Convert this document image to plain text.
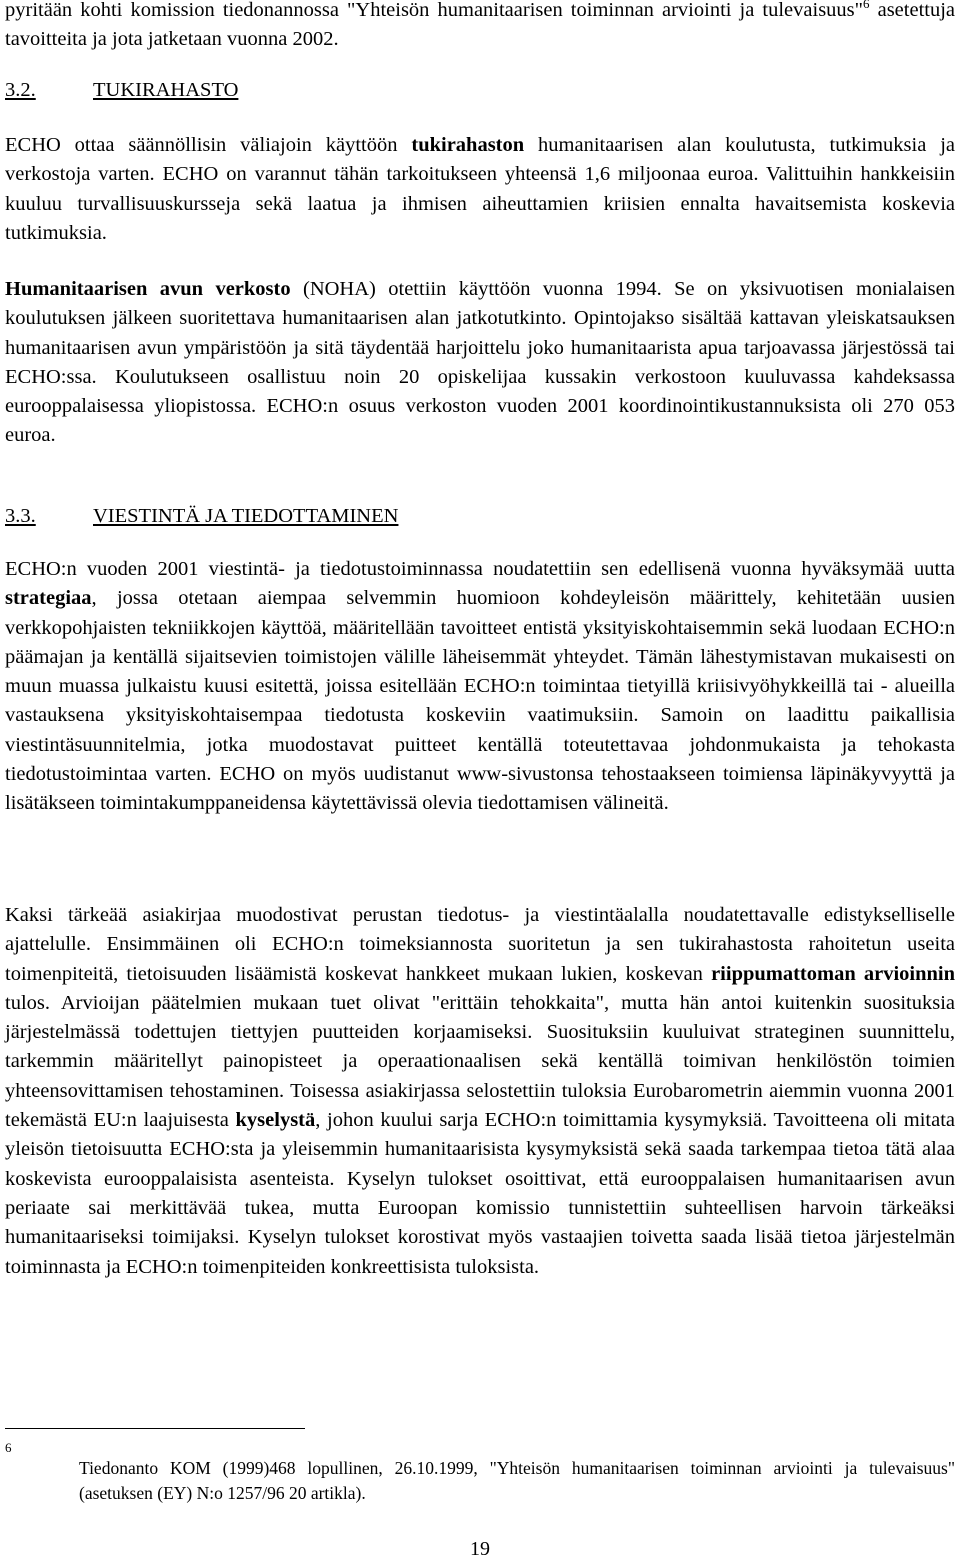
pyritään kohti komission tiedonannossa "Yhteisön humanitaarisen toiminnan arviointi ja tulevaisuus"$^6$ asetettuja tavoitteita ja jota jatketaan vuonna 2002.

3.2.	TUKIRAHASTO

ECHO ottaa säännöllisin väliajoin käyttöön tukirahaston humanitaarisen alan koulutusta, tutkimuksia ja verkostoja varten. ECHO on varannut tähän tarkoitukseen yhteensä 1,6 miljoonaa euroa. Valittuihin hankkeisiin kuuluu turvallisuuskursseja sekä laatua ja ihmisen aiheuttamien kriisien ennalta havaitsemista koskevia tutkimuksia.

Humanitaarisen avun verkosto (NOHA) otettiin käyttöön vuonna 1994. Se on yksivuotisen monialaisen koulutuksen jälkeen suoritettava humanitaarisen alan jatkotutkinto. Opintojakso sisältää kattavan yleiskatsauksen humanitaarisen avun ympäristöön ja sitä täydentää harjoittelu joko humanitaarista apua tarjoavassa järjestössä tai ECHO:ssa. Koulutukseen osallistuu noin 20 opiskelijaa kussakin verkostoon kuuluvassa kahdeksassa eurooppalaisessa yliopistossa. ECHO:n osuus verkoston vuoden 2001 koordinointikustannuksista oli 270 053 euroa.

3.3.	VIESTINTÄ JA TIEDOTTAMINEN

ECHO:n vuoden 2001 viestintä- ja tiedotustoiminnassa noudatettiin sen edellisenä vuonna hyväksymää uutta strategiaa, jossa otetaan aiempaa selvemmin huomioon kohdeyleisön määrittely, kehitetään uusien verkkopohjaisten tekniikkojen käyttöä, määritellään tavoitteet entistä yksityiskohtaisemmin sekä luodaan ECHO:n päämajan ja kentällä sijaitsevien toimistojen välille läheisemmät yhteydet. Tämän lähestymistavan mukaisesti on muun muassa julkaistu kuusi esitettä, joissa esitellään ECHO:n toimintaa tietyillä kriisivyöhykkeillä tai - alueilla vastauksena yksityiskohtaisempaa tiedotusta koskeviin vaatimuksiin. Samoin on laadittu paikallisia viestintäsuunnitelmia, jotka muodostavat puitteet kentällä toteutettavaa johdonmukaista ja tehokasta tiedotustoimintaa varten. ECHO on myös uudistanut www-sivustonsa tehostaakseen toimiensa läpinäkyvyyttä ja lisätäkseen toimintakumppaneidensa käytettävissä olevia tiedottamisen välineitä.

Kaksi tärkeää asiakirjaa muodostivat perustan tiedotus- ja viestintäalalla noudatettavalle edistykselliselle ajattelulle. Ensimmäinen oli ECHO:n toimeksiannosta suoritetun ja sen tukirahastosta rahoitetun useita toimenpiteitä, tietoisuuden lisäämistä koskevat hankkeet mukaan lukien, koskevan riippumattoman arvioinnin tulos. Arvioijan päätelmien mukaan tuet olivat "erittäin tehokkaita", mutta hän antoi kuitenkin suosituksia järjestelmässä todettujen tiettyjen puutteiden korjaamiseksi. Suosituksiin kuuluivat strateginen suunnittelu, tarkemmin määritellyt painopisteet ja operaationaalisen sekä kentällä toimivan henkilöstön toimien yhteensovittamisen tehostaminen. Toisessa asiakirjassa selostettiin tuloksia Eurobarometrin aiemmin vuonna 2001 tekemästä EU:n laajuisesta kyselystä, johon kuului sarja ECHO:n toimittamia kysymyksiä. Tavoitteena oli mitata yleisön tietoisuutta ECHO:sta ja yleisemmin humanitaarisista kysymyksistä sekä saada tarkempaa tietoa tätä alaa koskevista eurooppalaisista asenteista. Kyselyn tulokset osoittivat, että eurooppalaisen humanitaarisen avun periaate sai merkittävää tukea, mutta Euroopan komissio tunnistettiin suhteellisen harvoin tärkeäksi humanitaariseksi toimijaksi. Kyselyn tulokset korostivat myös vastaajien toivetta saada lisää tietoa järjestelmän toiminnasta ja ECHO:n toimenpiteiden konkreettisista tuloksista.

6

Tiedonanto KOM (1999)468 lopullinen, 26.10.1999, "Yhteisön humanitaarisen toiminnan arviointi ja tulevaisuus" (asetuksen (EY) N:o 1257/96 20 artikla).

19
